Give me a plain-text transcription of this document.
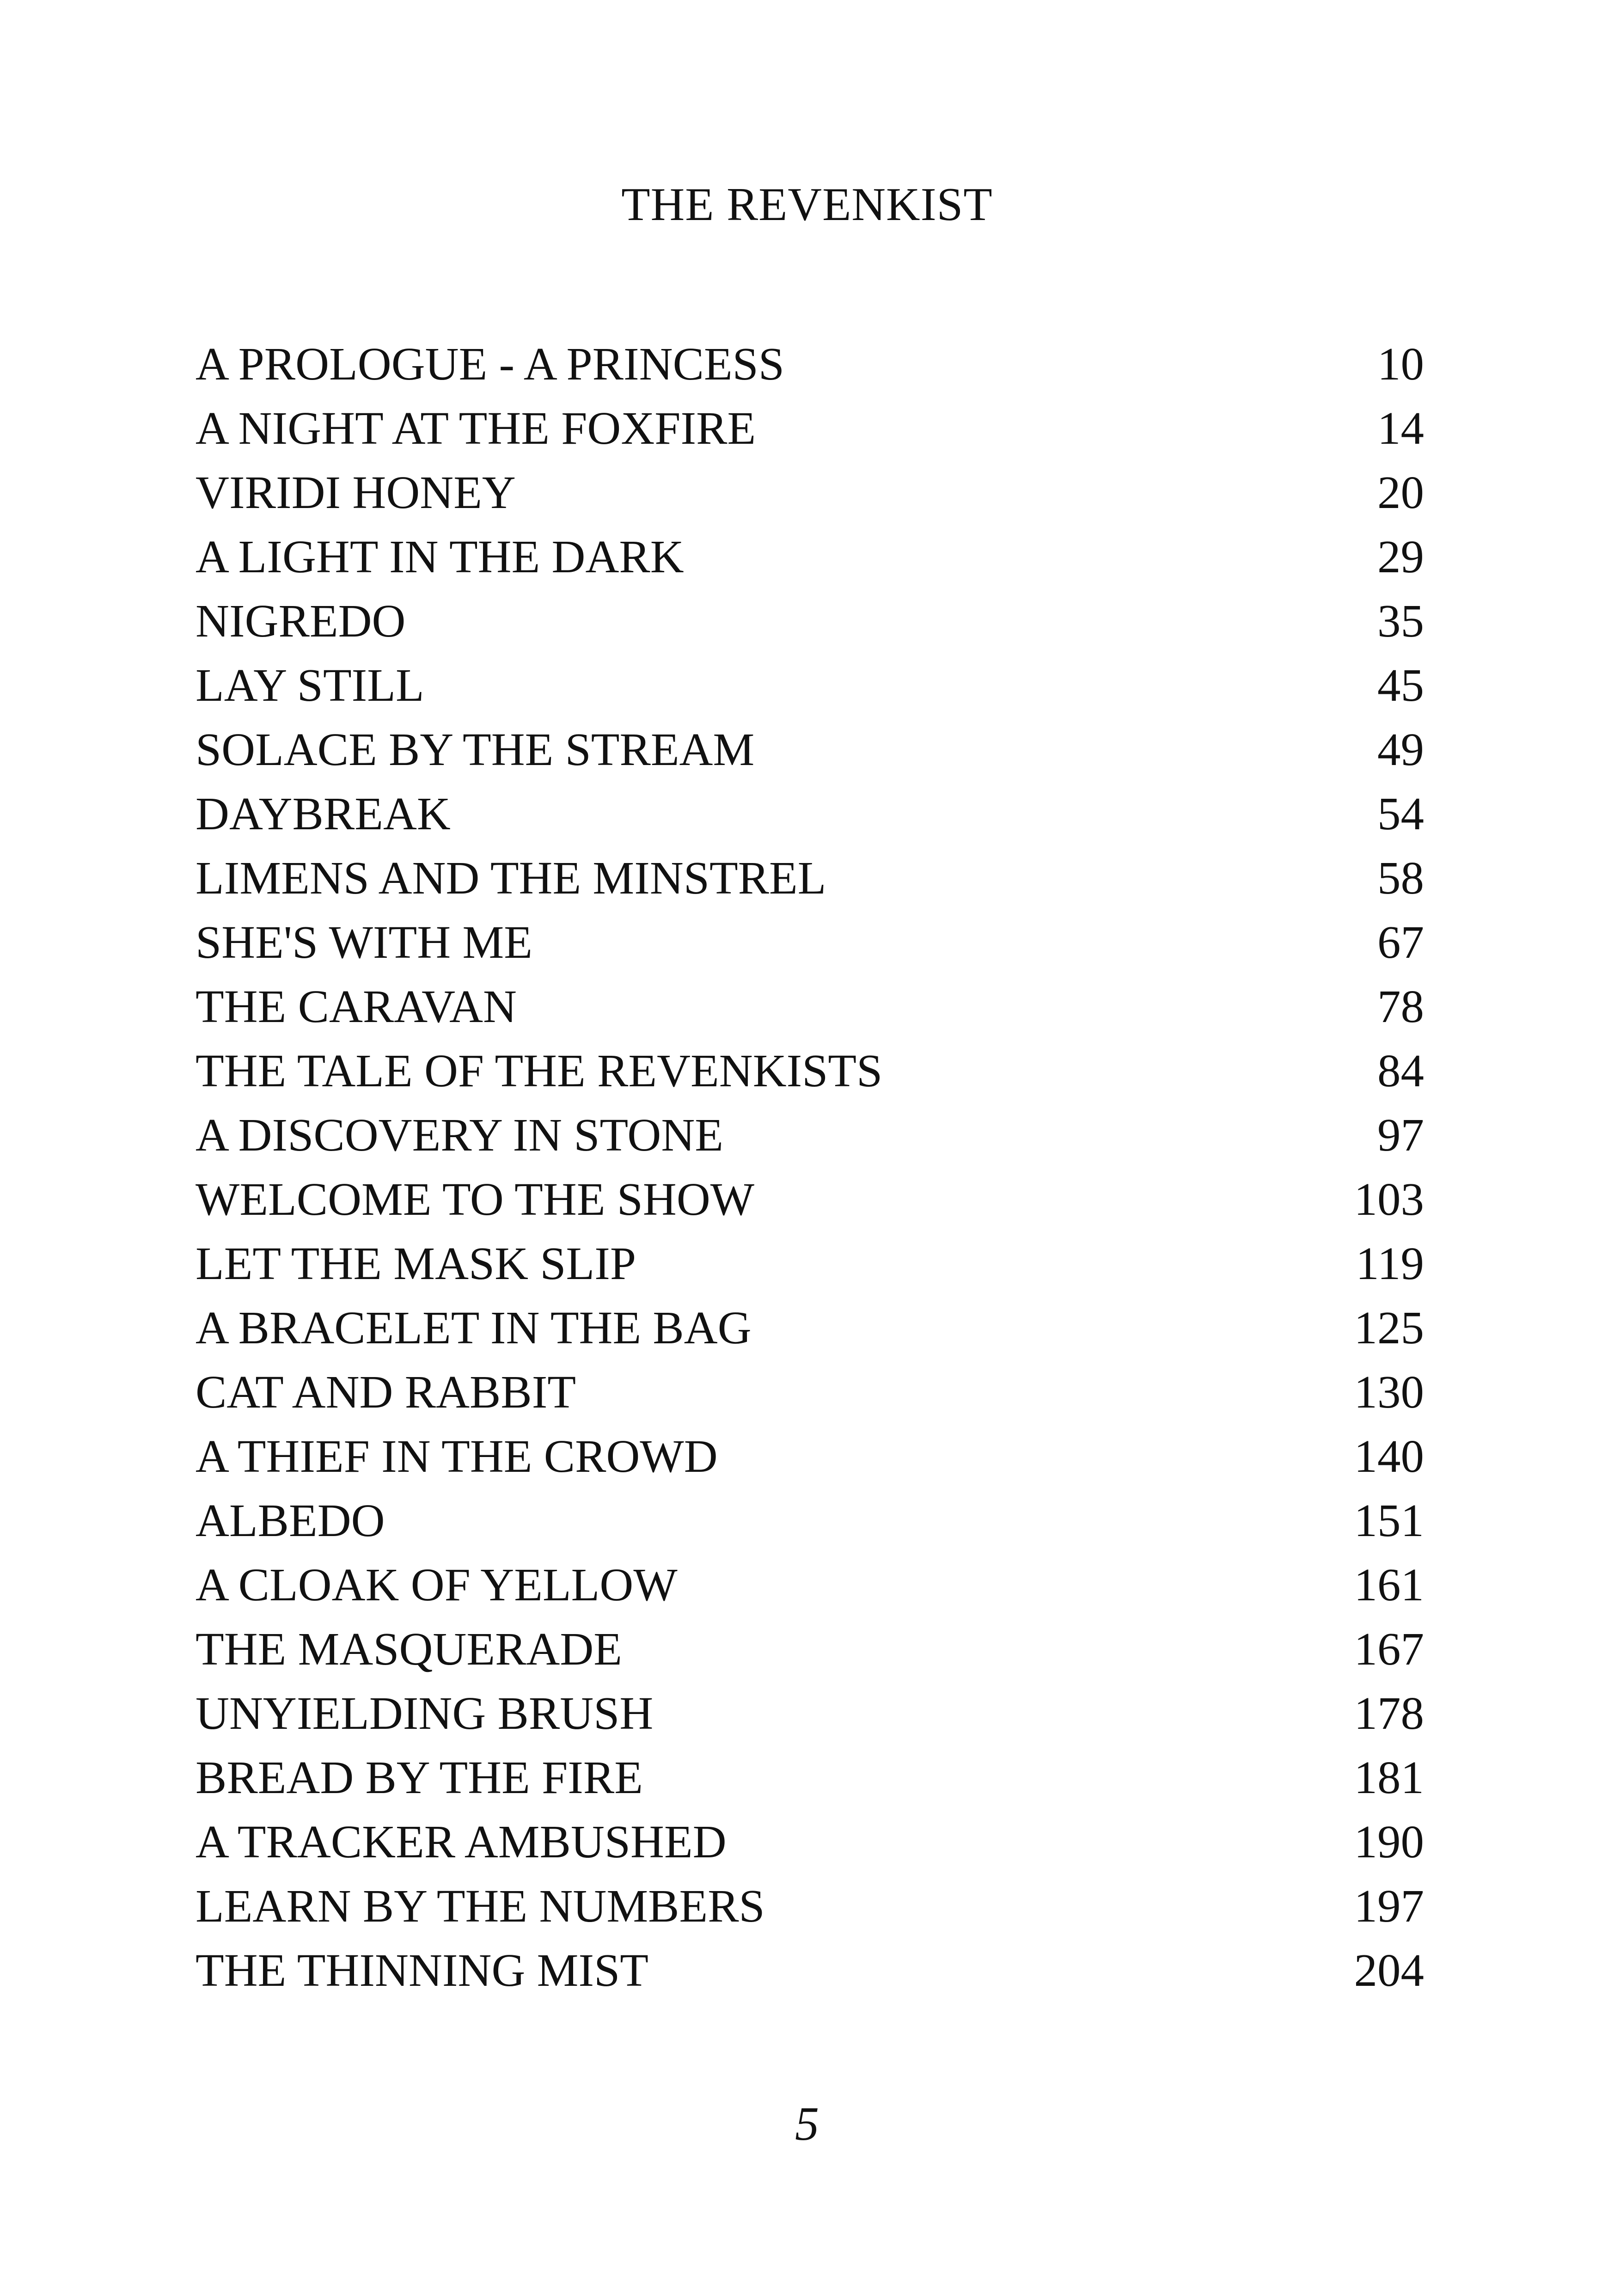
THE REVENKIST
A PROLOGUE - A PRINCESS	10
A NIGHT AT THE FOXFIRE	14
VIRIDI HONEY	20
A LIGHT IN THE DARK	29
NIGREDO	35
LAY STILL	45
SOLACE BY THE STREAM	49
DAYBREAK	54
LIMENS AND THE MINSTREL	58
SHE'S WITH ME	67
THE CARAVAN	78
THE TALE OF THE REVENKISTS	84
A DISCOVERY IN STONE	97
WELCOME TO THE SHOW	103
LET THE MASK SLIP	119
A BRACELET IN THE BAG	125
CAT AND RABBIT	130
A THIEF IN THE CROWD	140
ALBEDO	151
A CLOAK OF YELLOW	161
THE MASQUERADE	167
UNYIELDING BRUSH	178
BREAD BY THE FIRE	181
A TRACKER AMBUSHED	190
LEARN BY THE NUMBERS	197
THE THINNING MIST	204
5
